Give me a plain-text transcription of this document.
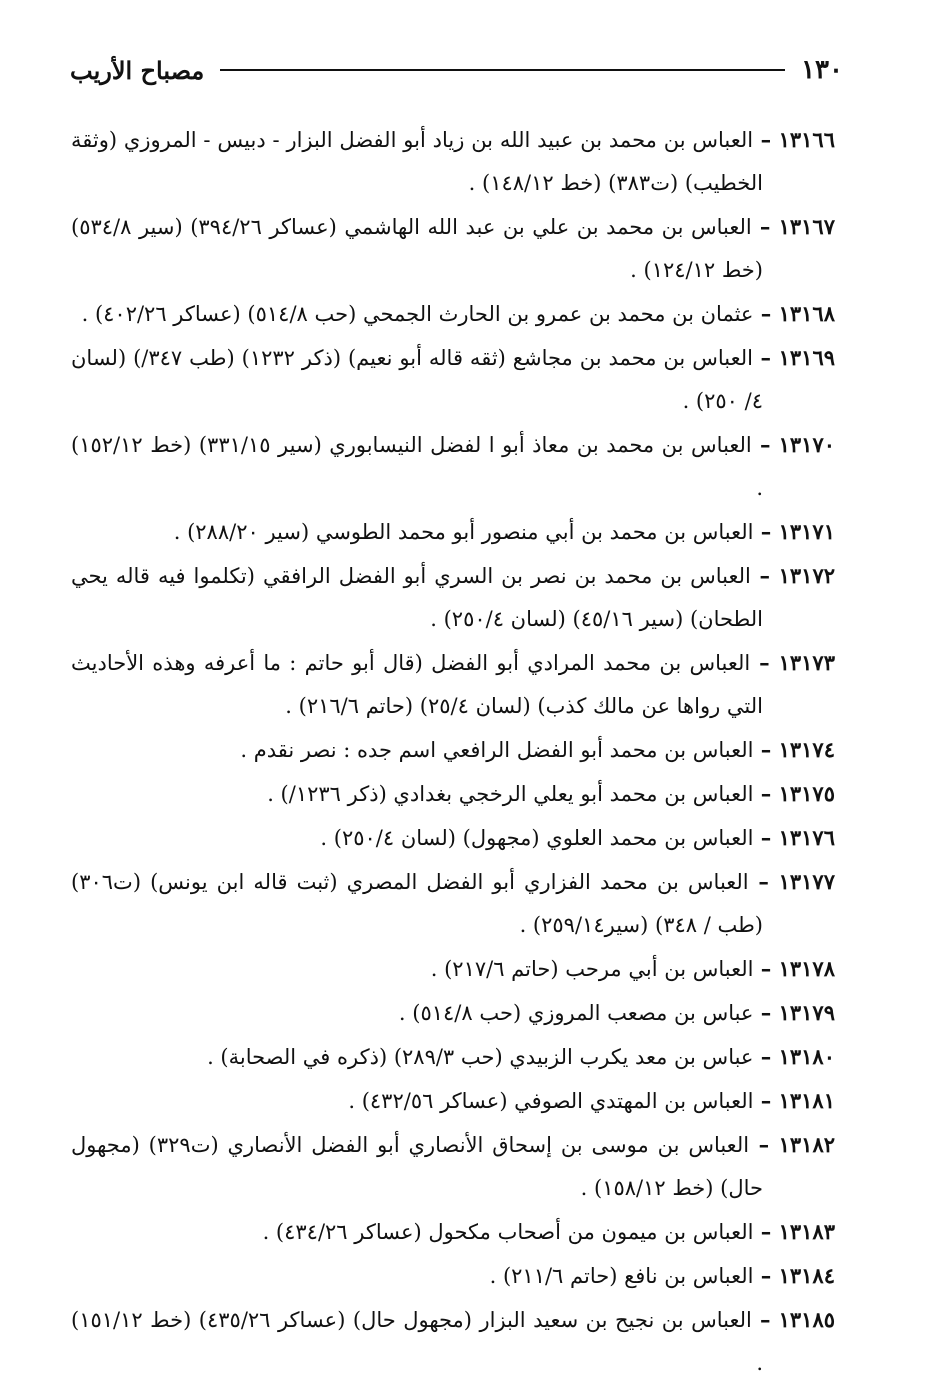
١٣٠
مصباح الأريب

١٣١٦٦ – العباس بن محمد بن عبيد الله بن زياد أبو الفضل البزار - دبيس - المروزي (وثقة الخطيب) (ت٣٨٣) (خط ١٤٨/١٢) .

١٣١٦٧ – العباس بن محمد بن علي بن عبد الله الهاشمي (عساكر ٣٩٤/٢٦) (سير ٥٣٤/٨) (خط ١٢٤/١٢) .

١٣١٦٨ – عثمان بن محمد بن عمرو بن الحارث الجمحي (حب ٥١٤/٨) (عساكر ٤٠٢/٢٦) .

١٣١٦٩ – العباس بن محمد بن مجاشع (ثقه قاله أبو نعيم) (ذكر ١٢٣٢) (طب ٣٤٧/) (لسان ٤/ ٢٥٠) .

١٣١٧٠ – العباس بن محمد بن معاذ أبو ا لفضل النيسابوري (سير ٣٣١/١٥) (خط ١٥٢/١٢) .

١٣١٧١ – العباس بن محمد بن أبي منصور أبو محمد الطوسي (سير ٢٨٨/٢٠) .

١٣١٧٢ – العباس بن محمد بن نصر بن السري أبو الفضل الرافقي (تكلموا فيه قاله يحي الطحان) (سير ٤٥/١٦) (لسان ٢٥٠/٤) .

١٣١٧٣ – العباس بن محمد المرادي أبو الفضل (قال أبو حاتم : ما أعرفه وهذه الأحاديث التي رواها عن مالك كذب) (لسان ٢٥/٤) (حاتم ٢١٦/٦) .

١٣١٧٤ – العباس بن محمد أبو الفضل الرافعي اسم جده : نصر نقدم .

١٣١٧٥ – العباس بن محمد أبو يعلي الرخجي بغدادي (ذكر ١٢٣٦/) .

١٣١٧٦ – العباس بن محمد العلوي (مجهول) (لسان ٢٥٠/٤) .

١٣١٧٧ – العباس بن محمد الفزاري أبو الفضل المصري (ثبت قاله ابن يونس) (ت٣٠٦) (طب / ٣٤٨) (سير٢٥٩/١٤) .

١٣١٧٨ – العباس بن أبي مرحب (حاتم ٢١٧/٦) .

١٣١٧٩ – عباس بن مصعب المروزي (حب ٥١٤/٨) .

١٣١٨٠ – عباس بن معد يكرب الزبيدي (حب ٢٨٩/٣) (ذكره في الصحابة) .

١٣١٨١ – العباس بن المهتدي الصوفي (عساكر ٤٣٢/٥٦) .

١٣١٨٢ – العباس بن موسى بن إسحاق الأنصاري أبو الفضل الأنصاري (ت٣٢٩) (مجهول حال) (خط ١٥٨/١٢) .

١٣١٨٣ – العباس بن ميمون من أصحاب مكحول (عساكر ٤٣٤/٢٦) .

١٣١٨٤ – العباس بن نافع (حاتم ٢١١/٦) .

١٣١٨٥ – العباس بن نجيح بن سعيد البزار (مجهول حال) (عساكر ٤٣٥/٢٦) (خط ١٥١/١٢) .
